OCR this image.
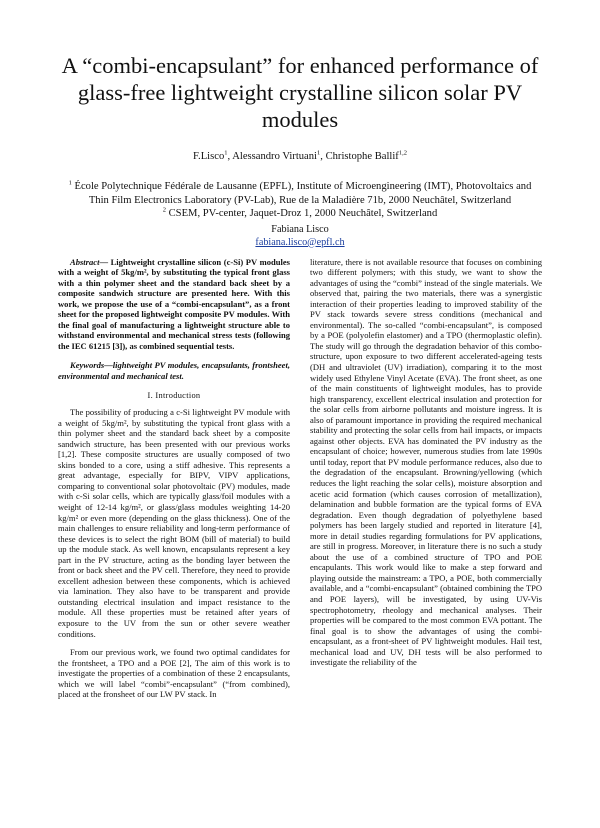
A “combi-encapsulant” for enhanced performance of glass-free lightweight crystalline silicon solar PV modules
F.Lisco$^1$, Alessandro Virtuani$^1$, Christophe Ballif$^{1,2}$

$^1$ École Polytechnique Fédérale de Lausanne (EPFL), Institute of Microengineering (IMT), Photovoltaics and Thin Film Electronics Laboratory (PV-Lab), Rue de la Maladière 71b, 2000 Neuchâtel, Switzerland

$^2$ CSEM, PV-center, Jaquet-Droz 1, 2000 Neuchâtel, Switzerland

Fabiana Lisco
fabiana.lisco@epfl.ch

Abstract— Lightweight crystalline silicon (c-Si) PV modules with a weight of 5kg/m², by substituting the typical front glass with a thin polymer sheet and the standard back sheet by a composite sandwich structure are presented here. With this work, we propose the use of a “combi-encapsulant”, as a front sheet for the proposed lightweight composite PV modules. With the final goal of manufacturing a lightweight structure able to withstand environmental and mechanical stress tests (following the IEC 61215 [3]), as combined sequential tests.

Keywords—lightweight PV modules, encapsulants, frontsheet, environmental and mechanical test.

I. Introduction

The possibility of producing a c-Si lightweight PV module with a weight of 5kg/m², by substituting the typical front glass with a thin polymer sheet and the standard back sheet by a composite sandwich structure, has been presented with our previous works [1,2]. These composite structures are usually composed of two skins bonded to a core, using a stiff adhesive. This represents a great advantage, especially for BIPV, VIPV applications, comparing to conventional solar photovoltaic (PV) modules, made with c-Si solar cells, which are typically glass/foil modules with a weight of 12-14 kg/m², or glass/glass modules weighting 14-20 kg/m² or even more (depending on the glass thickness). One of the main challenges to ensure reliability and long-term performance of these devices is to select the right BOM (bill of material) to build up the module stack. As well known, encapsulants represent a key part in the PV structure, acting as the bonding layer between the front or back sheet and the PV cell. Therefore, they need to provide excellent adhesion between these components, which is achieved via lamination. They also have to be transparent and provide outstanding electrical insulation and impact resistance to the module. All these properties must be retained after years of exposure to the UV from the sun or other severe weather conditions.

From our previous work, we found two optimal candidates for the frontsheet, a TPO and a POE [2], The aim of this work is to investigate the properties of a combination of these 2 encapsulants, which we will label “combi”-encapsulant” (“from combined), placed at the fronsheet of our LW PV stack. In

literature, there is not available resource that focuses on combining two different polymers; with this study, we want to show the advantages of using the “combi” instead of the single materials. We observed that, pairing the two materials, there was a synergistic interaction of their properties leading to improved stability of the PV stack towards severe stress conditions (mechanical and environmental). The so-called “combi-encapsulant”, is composed by a POE (polyolefin elastomer) and a TPO (thermoplastic olefin). The study will go through the degradation behavior of this combo-structure, upon exposure to two different accelerated-ageing tests (DH and ultraviolet (UV) irradiation), comparing it to the most widely used Ethylene Vinyl Acetate (EVA). The front sheet, as one of the main constituents of lightweight modules, has to provide high transparency, excellent electrical insulation and protection for the solar cells from airborne pollutants and moisture ingress. It is also of paramount importance in providing the required mechanical stability and protecting the solar cells from hail impacts, or impacts against other objects. EVA has dominated the PV industry as the encapsulant of choice; however, numerous studies from late 1990s until today, report that PV module performance reduces, also due to the degradation of the encapsulant. Browning/yellowing (which reduces the light reaching the solar cells), moisture absorption and acetic acid formation (which causes corrosion of metallization), delamination and bubble formation are the typical forms of EVA degradation. Even though degradation of polyethylene based polymers has been largely studied and reported in literature [4], more in detail studies regarding formulations for PV applications, are still in progress. Moreover, in literature there is no such a study about the use of a combined structure of TPO and POE encapulants. This work would like to make a step forward and playing outside the mainstream: a TPO, a POE, both commercially available, and a “combi-encapsulant” (obtained combining the TPO and POE layers), will be investigated, by using UV-Vis spectrophotometry, rheology and mechanical analyses. Their properties will be compared to the most common EVA pottant. The final goal is to show the advantages of using the combi-encapsulant, as a front-sheet of PV lightweight modules. Hail test, mechanical load and UV, DH tests will be also performed to investigate the reliability of the
